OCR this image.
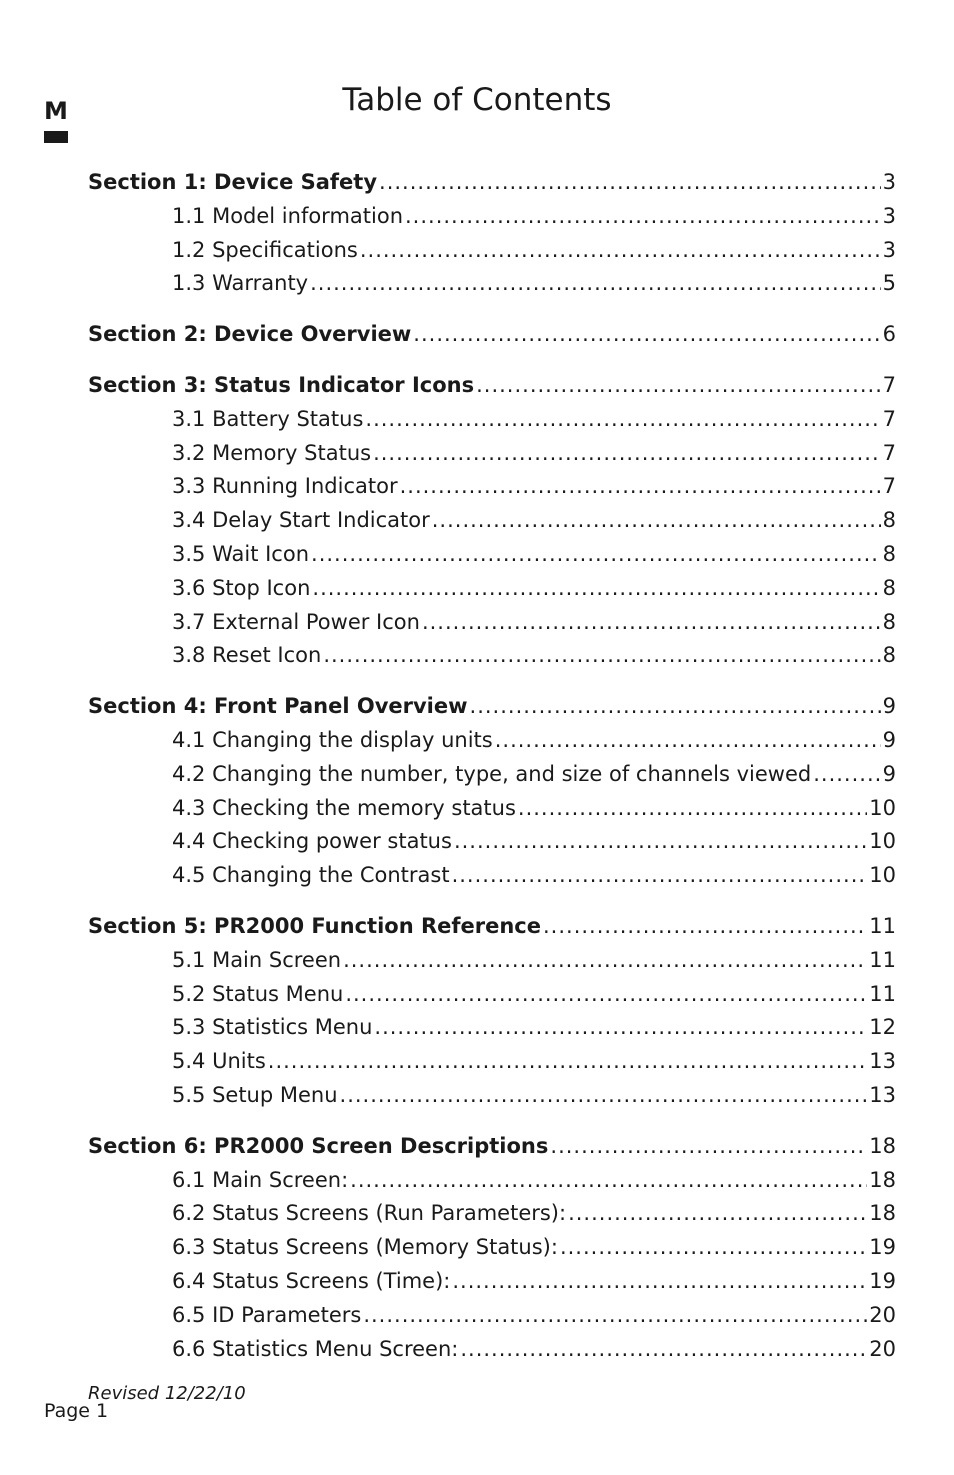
M	Table of Contents
Section 1: Device Safety .....	3
1.1 Model information .....	3
1.2 Specifications .....	3
1.3 Warranty .....	5
Section 2: Device Overview .....	6
Section 3: Status Indicator Icons .....	7
3.1 Battery Status .....	7
3.2 Memory Status .....	7
3.3 Running Indicator .....	7
3.4 Delay Start Indicator .....	8
3.5 Wait Icon .....	8
3.6 Stop Icon .....	8
3.7 External Power Icon .....	8
3.8 Reset Icon .....	8
Section 4: Front Panel Overview .....	9
4.1 Changing the display units .....	9
4.2 Changing the number, type, and size of channels viewed .....	9
4.3 Checking the memory status .....	10
4.4 Checking power status .....	10
4.5 Changing the Contrast .....	10
Section 5: PR2000 Function Reference .....	11
5.1 Main Screen .....	11
5.2 Status Menu .....	11
5.3 Statistics Menu .....	12
5.4 Units .....	13
5.5 Setup Menu .....	13
Section 6: PR2000 Screen Descriptions .....	18
6.1 Main Screen: .....	18
6.2 Status Screens (Run Parameters): .....	18
6.3 Status Screens (Memory Status): .....	19
6.4 Status Screens (Time): .....	19
6.5 ID Parameters .....	20
6.6 Statistics Menu Screen: .....	20
Revised 12/22/10
Page 1
